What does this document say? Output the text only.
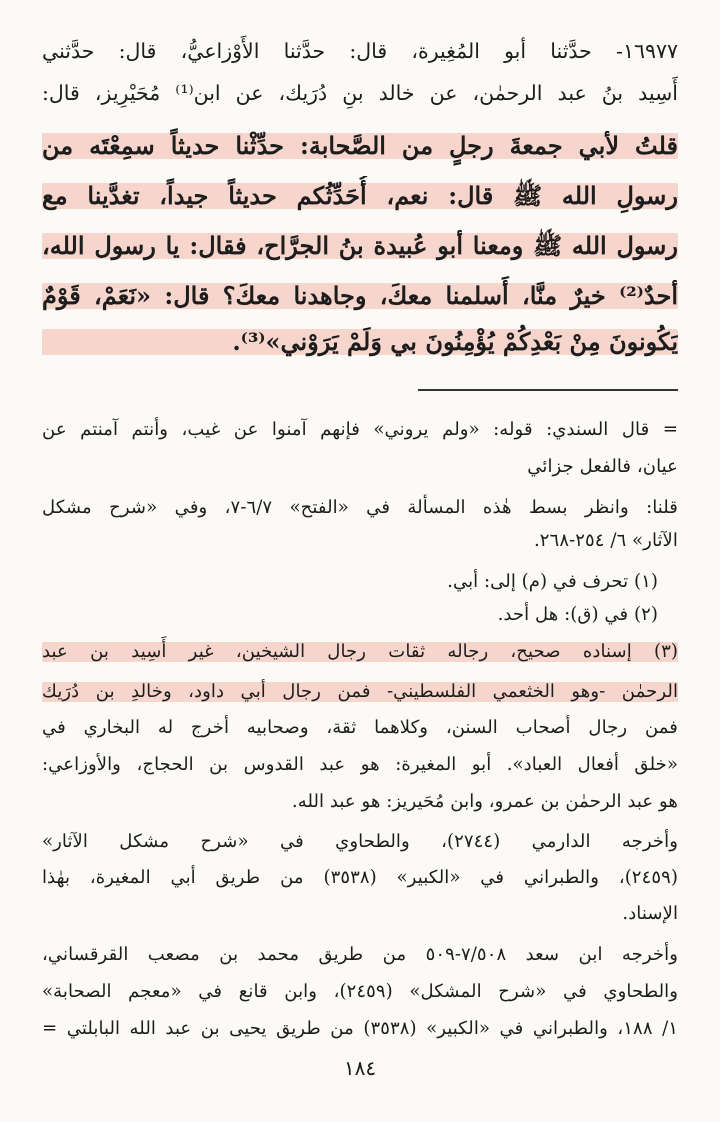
١٦٩٧٧- حدَّثنا أبو المُغِيرة، قال: حدَّثنا الأَوْزاعيُّ، قال: حدَّثني
أَسِيد بنُ عبد الرحمٰن، عن خالد بنِ دُرَيك، عن ابن⁽¹⁾ مُحَيْرِيز، قال:
قلتُ لأبي جمعةَ رجلٍ من الصَّحابة: حدِّثْنا حديثاً سمِعْتَه من
رسولِ الله ﷺ قال: نعم، أُحَدِّثُكم حديثاً جيداً، تغدَّينا مع
رسول الله ﷺ ومعنا أبو عُبيدة بنُ الجرَّاح، فقال: يا رسول الله،
أحدٌ⁽²⁾ خيرٌ منَّا، أَسلمنا معكَ، وجاهدنا معكَ؟ قال: «نَعَمْ، قَوْمٌ
يَكُونونَ مِنْ بَعْدِكُمْ يُؤْمِنُونَ بي وَلَمْ يَرَوْني»⁽³⁾.
= قال السندي: قوله: «ولم يروني» فإنهم آمنوا عن غيب، وأنتم آمنتم عن
عيان، فالفعل جزائي
قلنا: وانظر بسط هٰذه المسألة في «الفتح» ٦/٧-٧، وفي «شرح مشكل
الآثار» ٦/ ٢٥٤-٢٦٨.
(١) تحرف في (م) إلى: أبي.
(٢) في (ق): هل أحد.
(٣) إسناده صحيح، رجاله ثقات رجال الشيخين، غير أَسِيد بن عبد
الرحمٰن -وهو الخثعمي الفلسطيني- فمن رجال أبي داود، وخالدِ بن دُرَيك
فمن رجال أصحاب السنن، وكلاهما ثقة، وصحابيه أخرج له البخاري في
«خلق أفعال العباد». أبو المغيرة: هو عبد القدوس بن الحجاج، والأوزاعي:
هو عبد الرحمٰن بن عمرو، وابن مُحَيريز: هو عبد الله.
وأخرجه الدارمي (٢٧٤٤)، والطحاوي في «شرح مشكل الآثار»
(٢٤٥٩)، والطبراني في «الكبير» (٣٥٣٨) من طريق أبي المغيرة، بهٰذا
الإسناد.
وأخرجه ابن سعد ٧/٥٠٨-٥٠٩ من طريق محمد بن مصعب القرقساني،
والطحاوي في «شرح المشكل» (٢٤٥٩)، وابن قانع في «معجم الصحابة»
١/ ١٨٨، والطبراني في «الكبير» (٣٥٣٨) من طريق يحيى بن عبد الله البابلتي =
١٨٤
